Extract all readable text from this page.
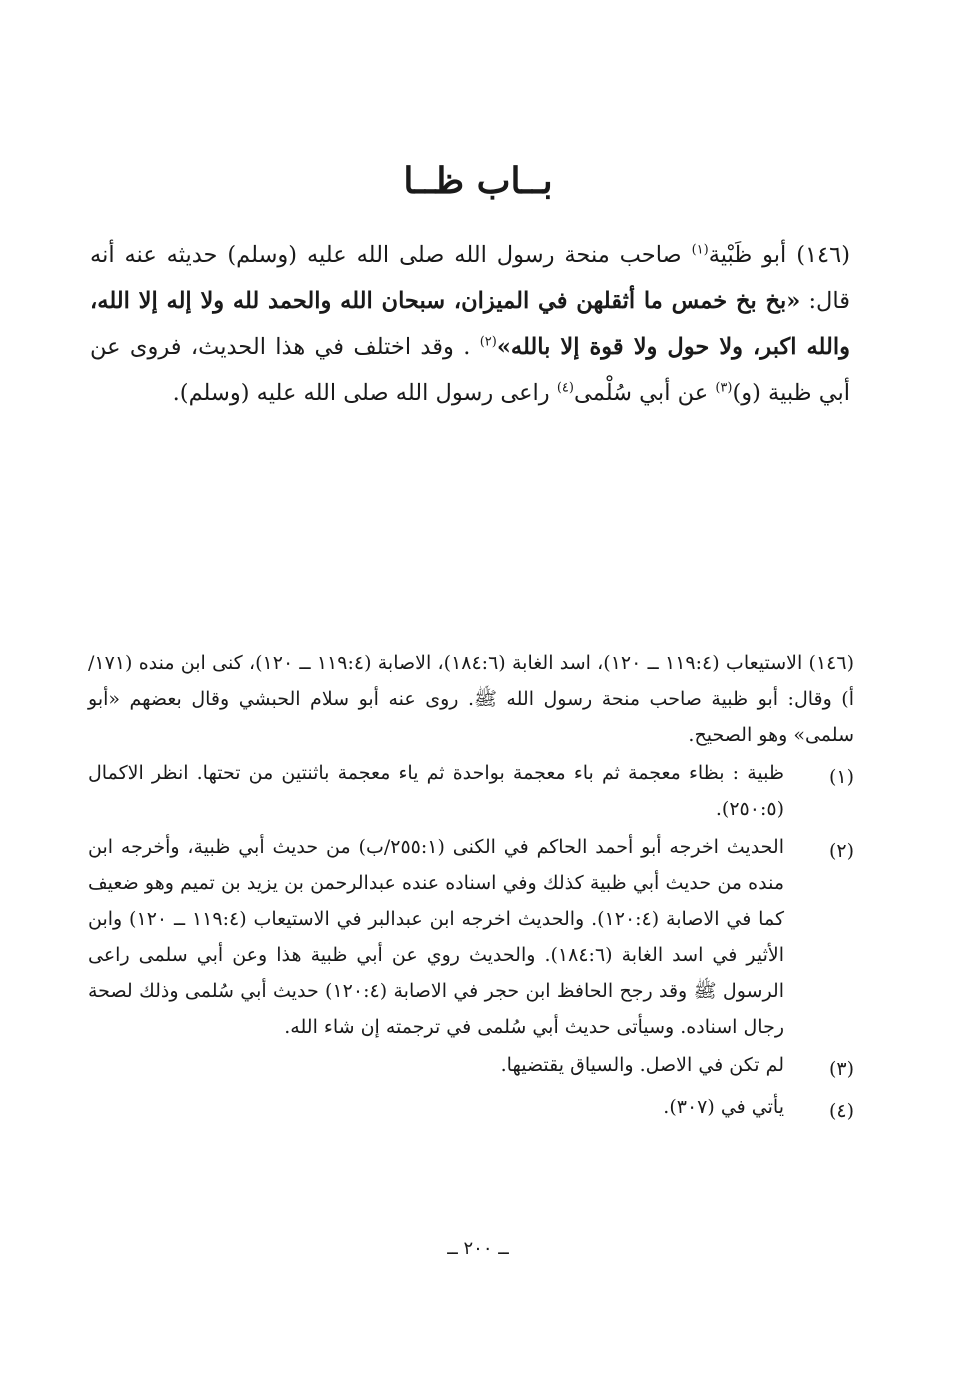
بــاب ظــا
(١٤٦) أبو ظَبْية$^{(١)}$ صاحب منحة رسول الله صلى الله عليه (وسلم) حديثه عنه أنه قال: «بخ بخ خمس ما أثقلهن في الميزان، سبحان الله والحمد لله ولا إله إلا الله، والله اكبر، ولا حول ولا قوة إلا بالله»$^{(٢)}$ . وقد اختلف في هذا الحديث، فروى عن أبي ظبية (و)$^{(٣)}$ عن أبي سُلْمى$^{(٤)}$ راعى رسول الله صلى الله عليه (وسلم).
(١٤٦) الاستيعاب (١١٩:٤ ــ ١٢٠)، اسد الغابة (١٨٤:٦)، الاصابة (١١٩:٤ ــ ١٢٠)، كنى ابن منده (١٧١/أ) وقال: أبو ظبية صاحب منحة رسول الله ﷺ. روى عنه أبو سلام الحبشي وقال بعضهم «أبو سلمى» وهو الصحيح.
(١)
ظبية : بظاء معجمة ثم باء معجمة بواحدة ثم ياء معجمة باثنتين من تحتها. انظر الاكمال (٢٥٠:٥).
(٢)
الحديث اخرجه أبو أحمد الحاكم في الكنى (٢٥٥:١/ب) من حديث أبي ظبية، وأخرجه ابن منده من حديث أبي ظبية كذلك وفي اسناده عنده عبدالرحمن بن يزيد بن تميم وهو ضعيف كما في الاصابة (١٢٠:٤). والحديث اخرجه ابن عبدالبر في الاستيعاب (١١٩:٤ ــ ١٢٠) وابن الأثير في اسد الغابة (١٨٤:٦). والحديث روي عن أبي ظبية هذا وعن أبي سلمى راعى الرسول ﷺ وقد رجح الحافظ ابن حجر في الاصابة (١٢٠:٤) حديث أبي سُلمى وذلك لصحة رجال اسناده. وسيأتى حديث أبي سُلمى في ترجمته إن شاء الله.
(٣)
لم تكن في الاصل. والسياق يقتضيها.
(٤)
يأتي في (٣٠٧).
ــ ٢٠٠ ــ
